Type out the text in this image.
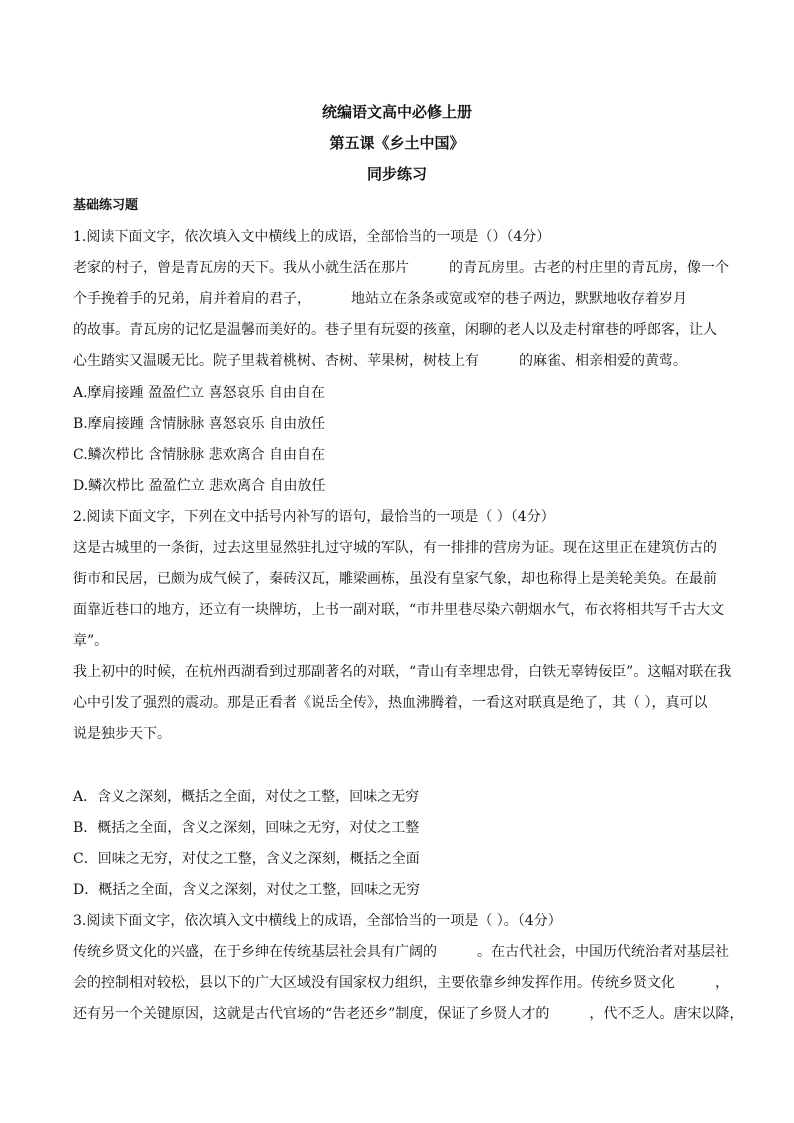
统编语文高中必修上册
第五课《乡土中国》
同步练习
基础练习题
1.阅读下面文字，依次填入文中横线上的成语，全部恰当的一项是（）（4分）
老家的村子，曾是青瓦房的天下。我从小就生活在那片         的青瓦房里。古老的村庄里的青瓦房，像一个
个手挽着手的兄弟，肩并着肩的君子，         地站立在条条或宽或窄的巷子两边，默默地收存着岁月
的故事。青瓦房的记忆是温馨而美好的。巷子里有玩耍的孩童，闲聊的老人以及走村窜巷的呼郎客，让人
心生踏实又温暖无比。院子里栽着桃树、杏树、苹果树，树枝上有         的麻雀、相亲相爱的黄莺。
A.摩肩接踵 盈盈伫立 喜怒哀乐 自由自在
B.摩肩接踵 含情脉脉 喜怒哀乐 自由放任
C.鳞次栉比 含情脉脉 悲欢离合 自由自在
D.鳞次栉比 盈盈伫立 悲欢离合 自由放任
2.阅读下面文字，下列在文中括号内补写的语句，最恰当的一项是（ ）（4分）
这是古城里的一条街，过去这里显然驻扎过守城的军队，有一排排的营房为证。现在这里正在建筑仿古的
街市和民居，已颇为成气候了，秦砖汉瓦，雕梁画栋，虽没有皇家气象，却也称得上是美轮美奂。在最前
面靠近巷口的地方，还立有一块牌坊，上书一副对联，“市井里巷尽染六朝烟水气，布衣将相共写千古大文
章”。
我上初中的时候，在杭州西湖看到过那副著名的对联，“青山有幸埋忠骨，白铁无辜铸佞臣”。这幅对联在我
心中引发了强烈的震动。那是正看者《说岳全传》，热血沸腾着，一看这对联真是绝了，其（ ），真可以
说是独步天下。
A．含义之深刻，概括之全面，对仗之工整，回味之无穷
B．概括之全面，含义之深刻，回味之无穷，对仗之工整
C．回味之无穷，对仗之工整，含义之深刻，概括之全面
D．概括之全面，含义之深刻，对仗之工整，回味之无穷
3.阅读下面文字，依次填入文中横线上的成语，全部恰当的一项是（ ）。（4分）
传统乡贤文化的兴盛，在于乡绅在传统基层社会具有广阔的         。在古代社会，中国历代统治者对基层社
会的控制相对较松，县以下的广大区域没有国家权力组织，主要依靠乡绅发挥作用。传统乡贤文化         ，
还有另一个关键原因，这就是古代官场的“告老还乡”制度，保证了乡贤人才的         ，代不乏人。唐宋以降，
